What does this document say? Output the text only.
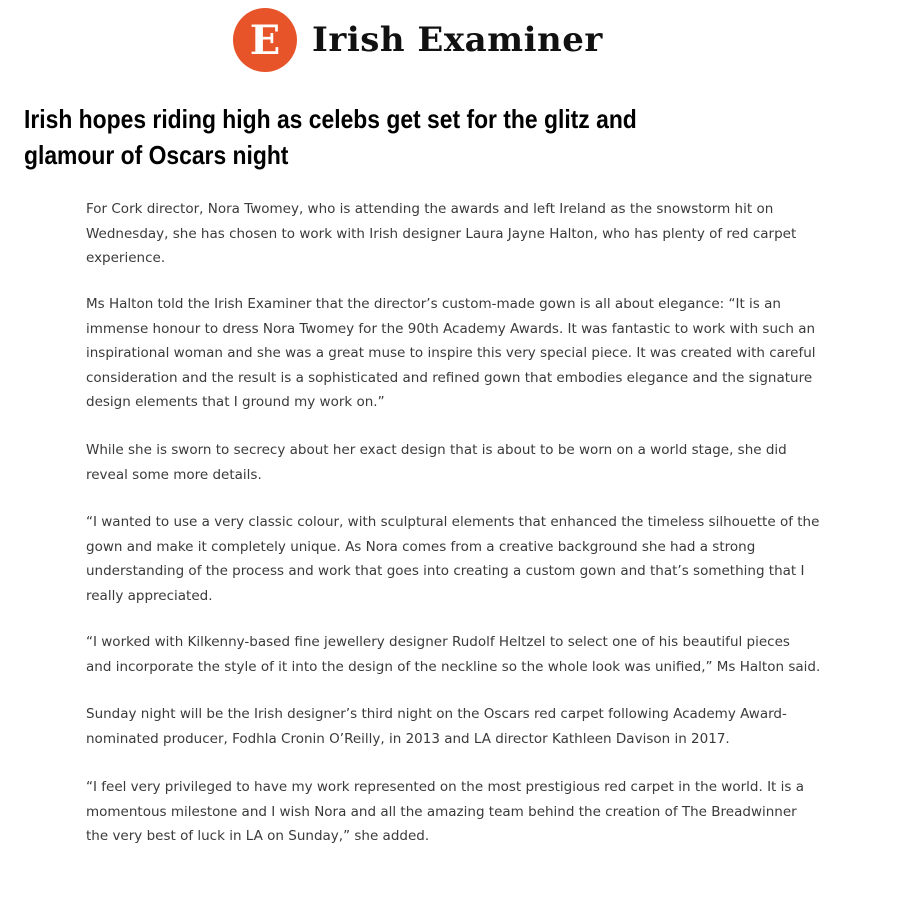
E Irish Examiner
Irish hopes riding high as celebs get set for the glitz and
glamour of Oscars night

For Cork director, Nora Twomey, who is attending the awards and left Ireland as the snowstorm hit on
Wednesday, she has chosen to work with Irish designer Laura Jayne Halton, who has plenty of red carpet
experience.

Ms Halton told the Irish Examiner that the director’s custom-made gown is all about elegance: “It is an
immense honour to dress Nora Twomey for the 90th Academy Awards. It was fantastic to work with such an
inspirational woman and she was a great muse to inspire this very special piece. It was created with careful
consideration and the result is a sophisticated and refined gown that embodies elegance and the signature
design elements that I ground my work on.”

While she is sworn to secrecy about her exact design that is about to be worn on a world stage, she did
reveal some more details.

“I wanted to use a very classic colour, with sculptural elements that enhanced the timeless silhouette of the
gown and make it completely unique. As Nora comes from a creative background she had a strong
understanding of the process and work that goes into creating a custom gown and that’s something that I
really appreciated.

“I worked with Kilkenny-based fine jewellery designer Rudolf Heltzel to select one of his beautiful pieces
and incorporate the style of it into the design of the neckline so the whole look was unified,” Ms Halton said.

Sunday night will be the Irish designer’s third night on the Oscars red carpet following Academy Award-
nominated producer, Fodhla Cronin O’Reilly, in 2013 and LA director Kathleen Davison in 2017.

“I feel very privileged to have my work represented on the most prestigious red carpet in the world. It is a
momentous milestone and I wish Nora and all the amazing team behind the creation of The Breadwinner
the very best of luck in LA on Sunday,” she added.
